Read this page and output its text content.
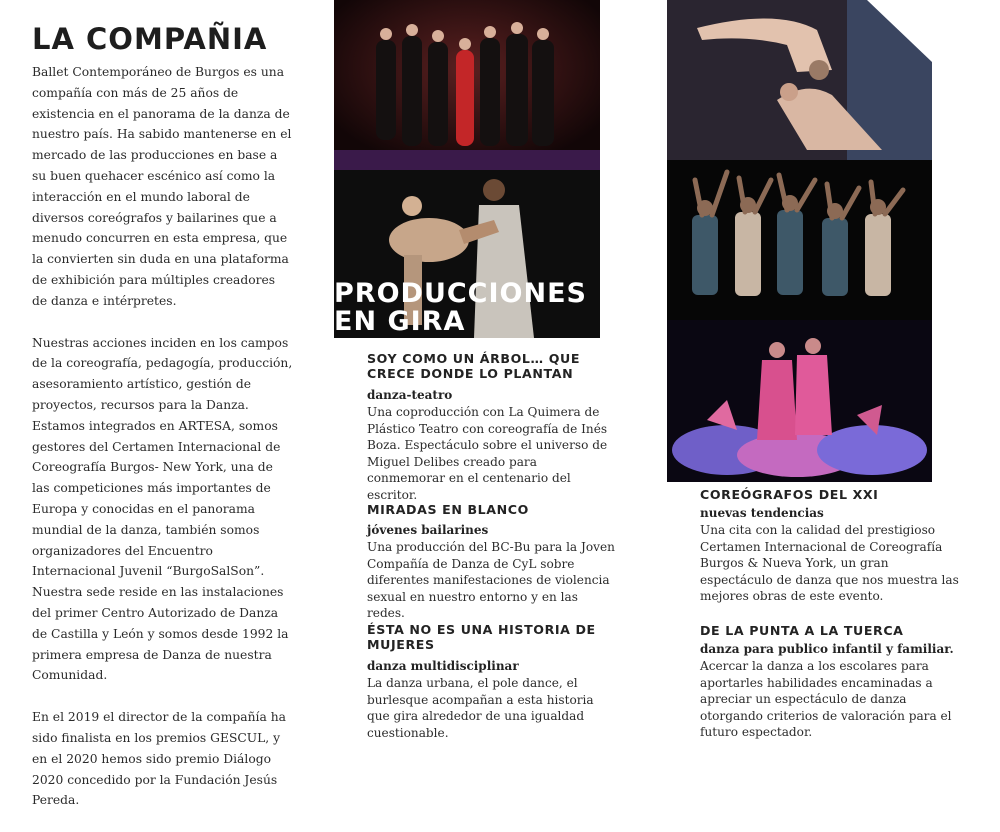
LA COMPAÑIA

Ballet Contemporáneo de Burgos es una compañía con más de 25 años de existencia en el panorama de la danza de nuestro país. Ha sabido mantenerse en el mercado de las producciones en base a su buen quehacer escénico así como la interacción en el mundo laboral de diversos coreógrafos y bailarines que a menudo concurren en esta empresa, que la convierten sin duda en una plataforma de exhibición para múltiples creadores de danza e intérpretes.

Nuestras acciones inciden en los campos de la coreografía, pedagogía, producción, asesoramiento artístico, gestión de proyectos, recursos para la Danza. Estamos integrados en ARTESA, somos gestores del Certamen Internacional de Coreografía Burgos- New York, una de las competiciones más importantes de Europa y conocidas en el panorama mundial de la danza, también somos organizadores del Encuentro Internacional Juvenil “BurgoSalSon”. Nuestra sede reside en las instalaciones del primer Centro Autorizado de Danza de Castilla y León y somos desde 1992 la primera empresa de Danza de nuestra Comunidad.

En el 2019 el director de la compañía ha sido finalista en los premios GESCUL, y en el 2020 hemos sido premio Diálogo 2020 concedido por la Fundación Jesús Pereda.

PRODUCCIONES
EN GIRA

SOY COMO UN ÁRBOL… QUE CRECE DONDE LO PLANTAN

danza-teatro

Una coproducción con La Quimera de Plástico Teatro con coreografía de Inés Boza. Espectáculo sobre el universo de Miguel Delibes creado para conmemorar en el centenario del escritor.

MIRADAS EN BLANCO

jóvenes bailarines

Una producción del BC-Bu para la Joven Compañía de Danza de CyL sobre diferentes manifestaciones de violencia sexual en nuestro entorno y en las redes.

ÉSTA NO ES UNA HISTORIA DE MUJERES

danza multidisciplinar

La danza urbana, el pole dance, el burlesque acompañan a esta historia que gira alrededor de una igualdad cuestionable.

COREÓGRAFOS DEL XXI

nuevas tendencias

Una cita con la calidad del prestigioso Certamen Internacional de Coreografía Burgos & Nueva York, un gran espectáculo de danza que nos muestra las mejores obras de este evento.

DE LA PUNTA A LA TUERCA

danza para publico infantil y familiar.

Acercar la danza a los escolares para aportarles habilidades encaminadas a apreciar un espectáculo de danza otorgando criterios de valoración para el futuro espectador.
